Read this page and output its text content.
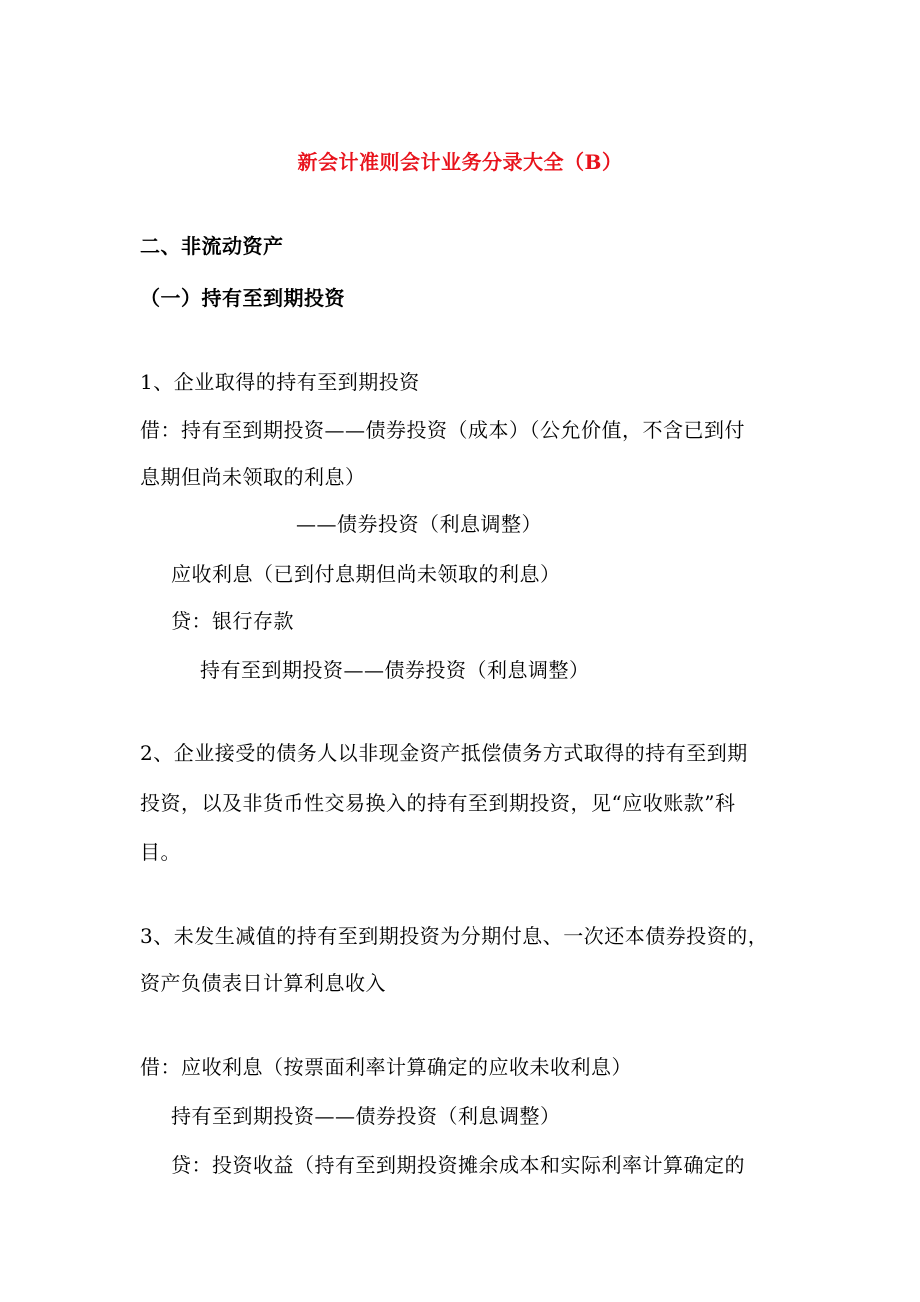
新会计准则会计业务分录大全（B）
二、非流动资产
（一）持有至到期投资
1、企业取得的持有至到期投资
借：持有至到期投资——债券投资（成本）（公允价值，不含已到付
息期但尚未领取的利息）
——债券投资（利息调整）
应收利息（已到付息期但尚未领取的利息）
贷：银行存款
持有至到期投资——债券投资（利息调整）
2、企业接受的债务人以非现金资产抵偿债务方式取得的持有至到期
投资，以及非货币性交易换入的持有至到期投资，见“应收账款”科
目。
3、未发生减值的持有至到期投资为分期付息、一次还本债券投资的，
资产负债表日计算利息收入
借：应收利息（按票面利率计算确定的应收未收利息）
持有至到期投资——债券投资（利息调整）
贷：投资收益（持有至到期投资摊余成本和实际利率计算确定的
